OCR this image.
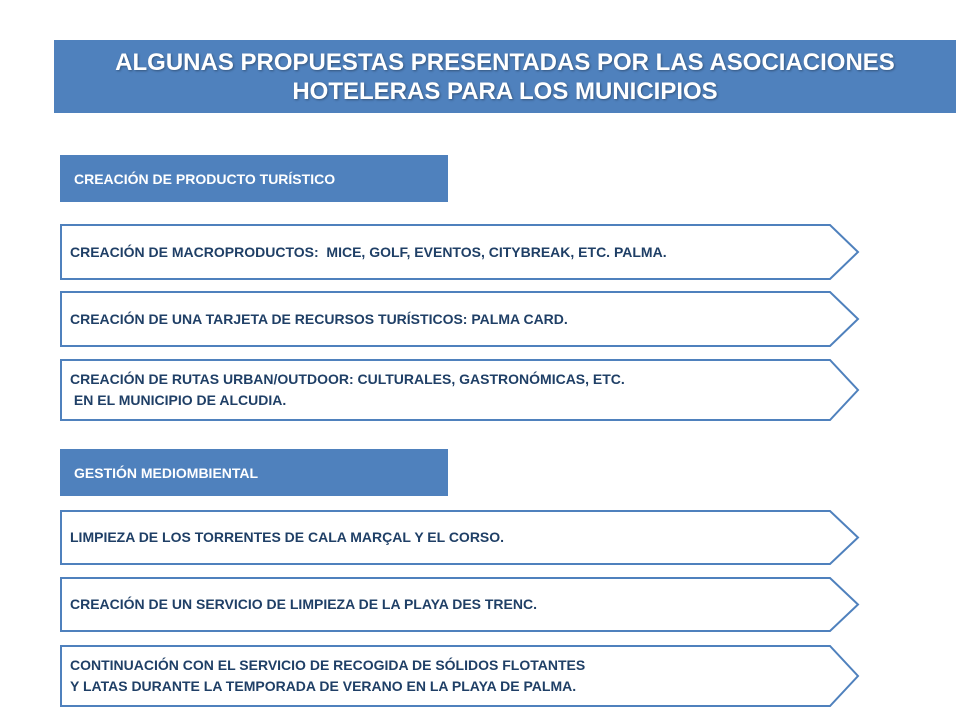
ALGUNAS PROPUESTAS PRESENTADAS POR LAS ASOCIACIONES
HOTELERAS PARA LOS MUNICIPIOS
CREACIÓN DE PRODUCTO TURÍSTICO
CREACIÓN DE MACROPRODUCTOS:  MICE, GOLF, EVENTOS, CITYBREAK, ETC. PALMA.
CREACIÓN DE UNA TARJETA DE RECURSOS TURÍSTICOS: PALMA CARD.
CREACIÓN DE RUTAS URBAN/OUTDOOR: CULTURALES, GASTRONÓMICAS, ETC.
EN EL MUNICIPIO DE ALCUDIA.
GESTIÓN MEDIOMBIENTAL
LIMPIEZA DE LOS TORRENTES DE CALA MARÇAL Y EL CORSO.
CREACIÓN DE UN SERVICIO DE LIMPIEZA DE LA PLAYA DES TRENC.
CONTINUACIÓN CON EL SERVICIO DE RECOGIDA DE SÓLIDOS FLOTANTES
Y LATAS DURANTE LA TEMPORADA DE VERANO EN LA PLAYA DE PALMA.
